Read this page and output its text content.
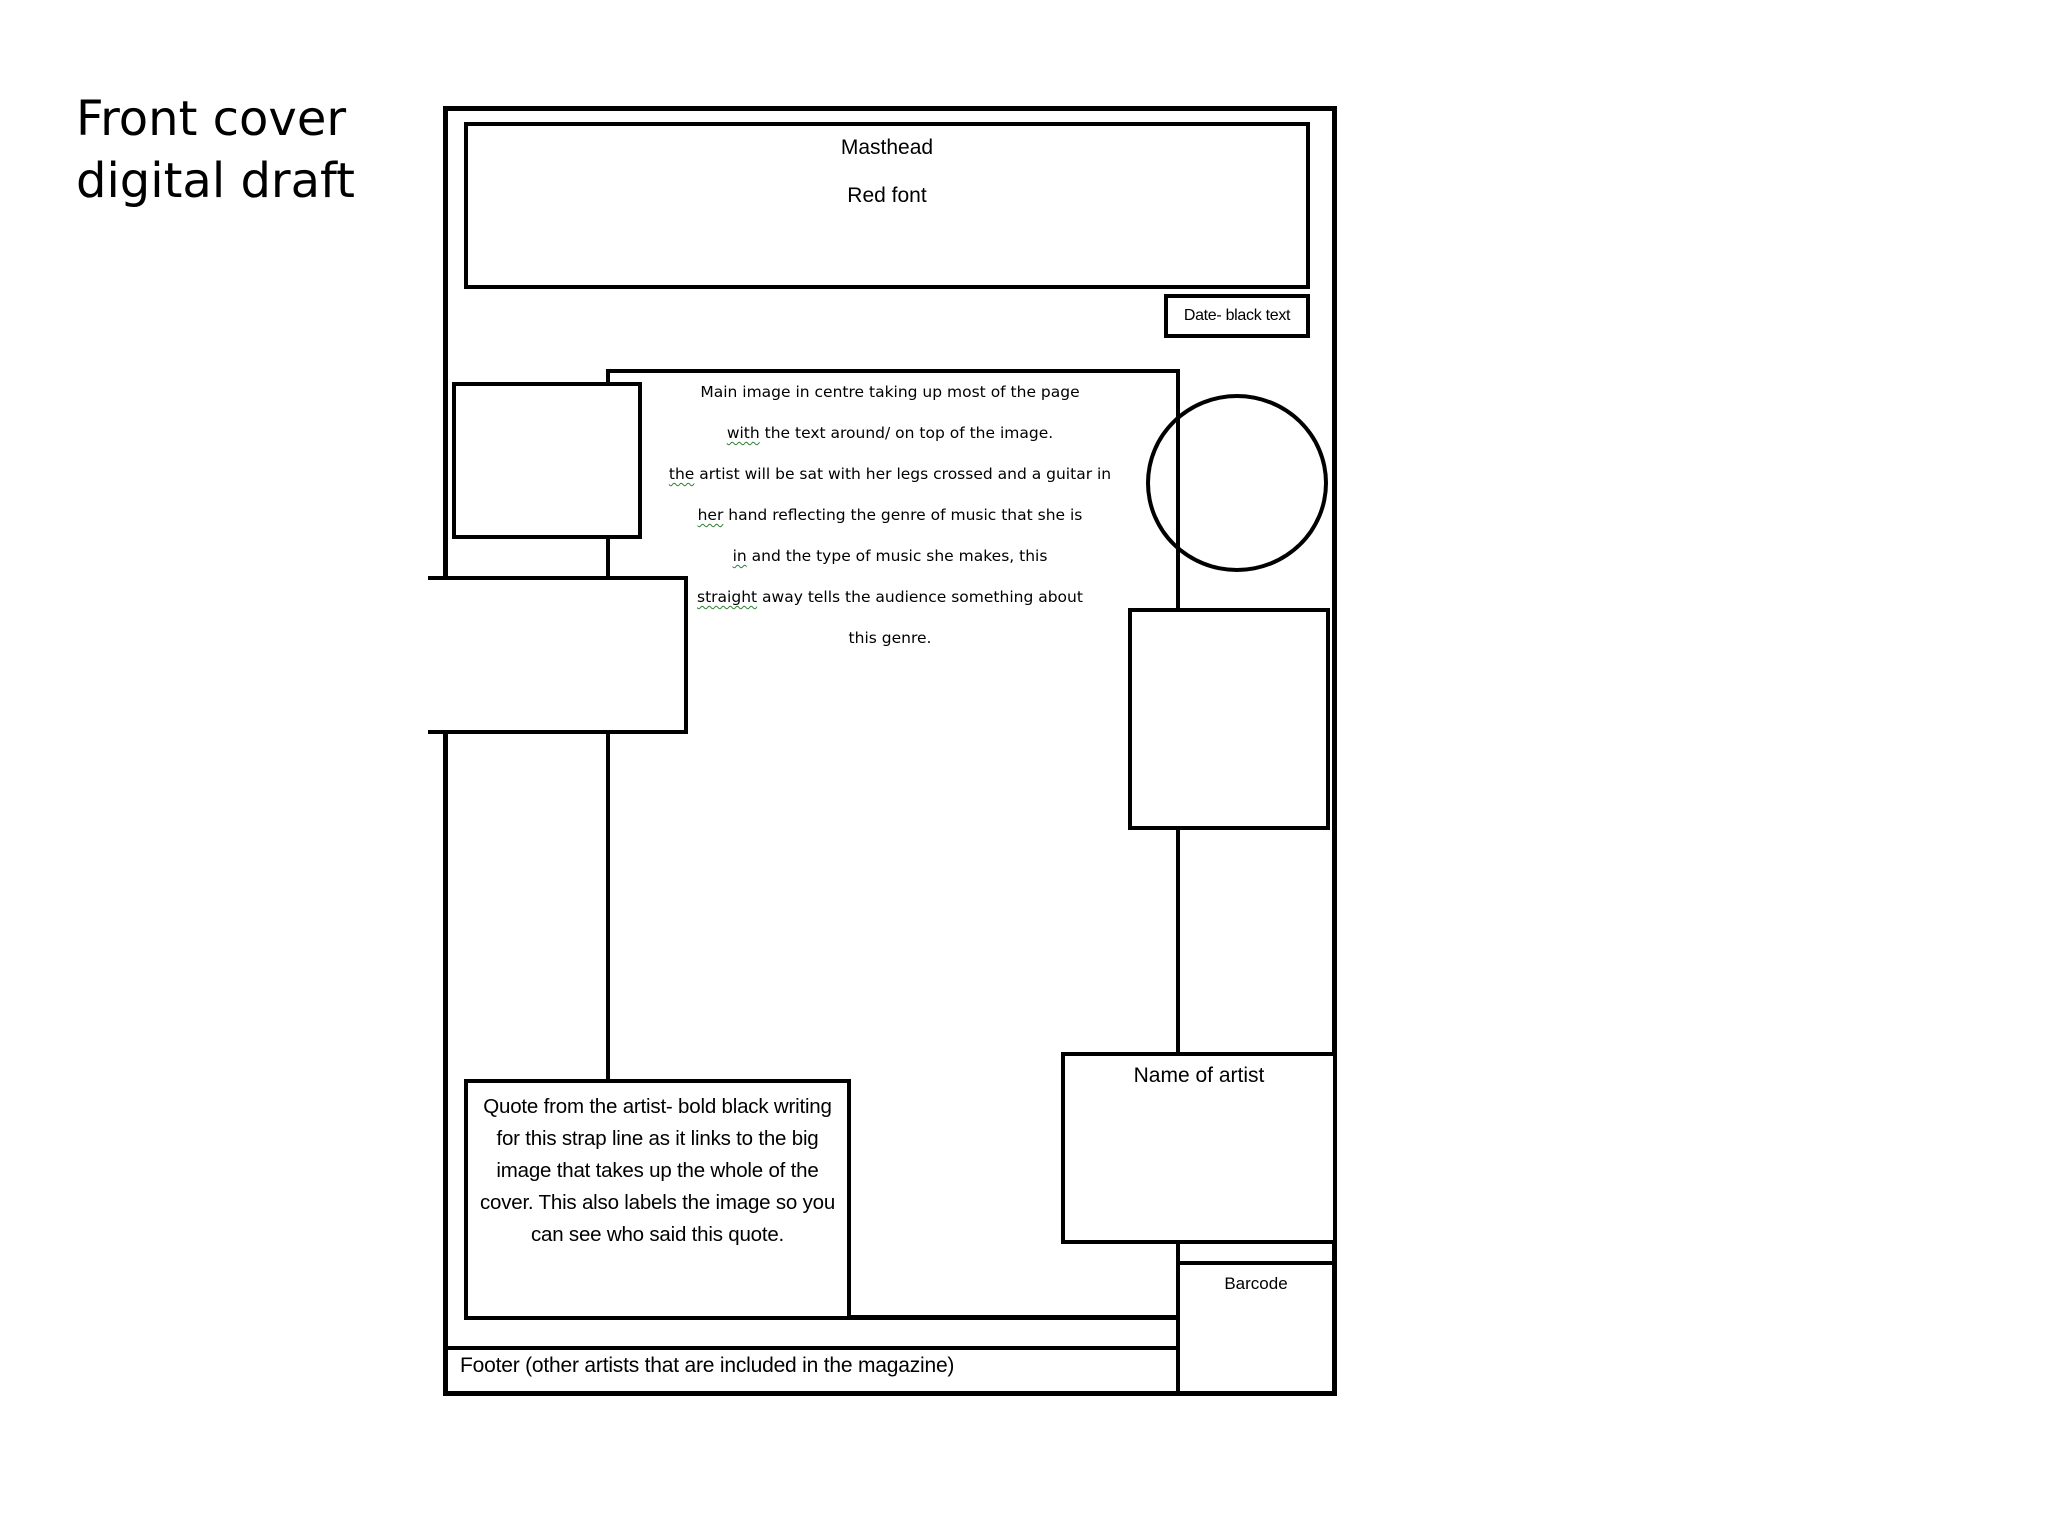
Front cover
digital draft
Masthead
Red font
Date- black text

Main image in centre taking up most of the page

with the text around/ on top of the image.

the artist will be sat with her legs crossed and a guitar in

her hand reflecting the genre of music that she is

in and the type of music she makes, this

straight away tells the audience something about

this genre.

Name of artist
Barcode
Quote from the artist- bold black writing for this strap line as it links to the big image that takes up the whole of the cover. This also labels the image so you can see who said this quote.
Footer (other artists that are included in the magazine)
